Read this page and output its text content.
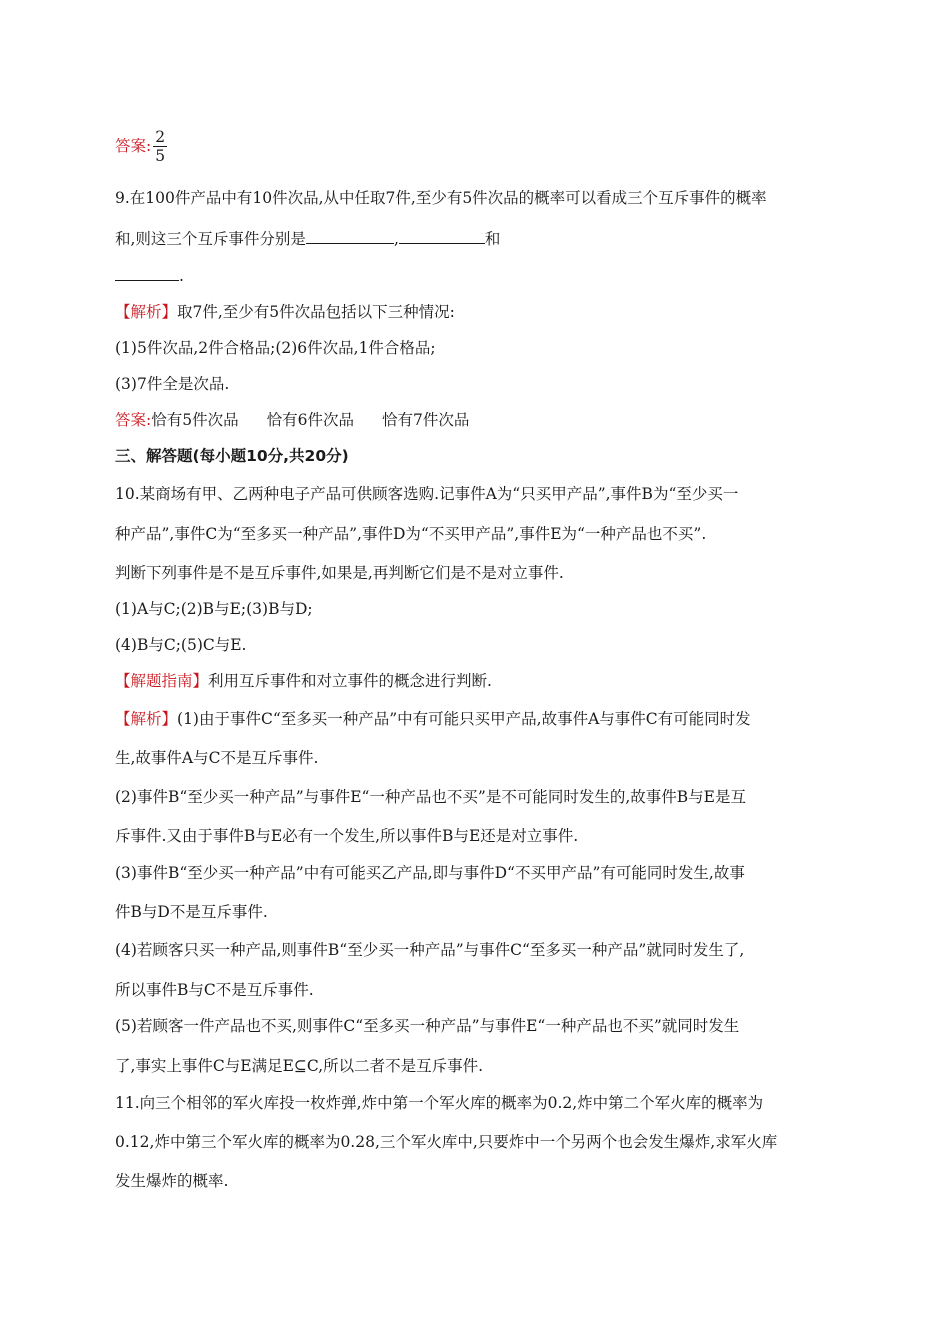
答案: $\frac{2}{5}$
9.在100件产品中有10件次品,从中任取7件,至少有5件次品的概率可以看成三个互斥事件的概率
和,则这三个互斥事件分别是	,	和
.
【解析】取7件,至少有5件次品包括以下三种情况:
(1)5件次品,2件合格品;(2)6件次品,1件合格品;
(3)7件全是次品.
答案:恰有5件次品 恰有6件次品 恰有7件次品
三、解答题(每小题10分,共20分)
10.某商场有甲、乙两种电子产品可供顾客选购.记事件A为“只买甲产品”,事件B为“至少买一
种产品”,事件C为“至多买一种产品”,事件D为“不买甲产品”,事件E为“一种产品也不买”.
判断下列事件是不是互斥事件,如果是,再判断它们是不是对立事件.
(1)A与C;(2)B与E;(3)B与D;
(4)B与C;(5)C与E.
【解题指南】利用互斥事件和对立事件的概念进行判断.
【解析】(1)由于事件C“至多买一种产品”中有可能只买甲产品,故事件A与事件C有可能同时发
生,故事件A与C不是互斥事件.
(2)事件B“至少买一种产品”与事件E“一种产品也不买”是不可能同时发生的,故事件B与E是互
斥事件.又由于事件B与E必有一个发生,所以事件B与E还是对立事件.
(3)事件B“至少买一种产品”中有可能买乙产品,即与事件D“不买甲产品”有可能同时发生,故事
件B与D不是互斥事件.
(4)若顾客只买一种产品,则事件B“至少买一种产品”与事件C“至多买一种产品”就同时发生了,
所以事件B与C不是互斥事件.
(5)若顾客一件产品也不买,则事件C“至多买一种产品”与事件E“一种产品也不买”就同时发生
了,事实上事件C与E满足E⊆C,所以二者不是互斥事件.
11.向三个相邻的军火库投一枚炸弹,炸中第一个军火库的概率为0.2,炸中第二个军火库的概率为
0.12,炸中第三个军火库的概率为0.28,三个军火库中,只要炸中一个另两个也会发生爆炸,求军火库
发生爆炸的概率.
